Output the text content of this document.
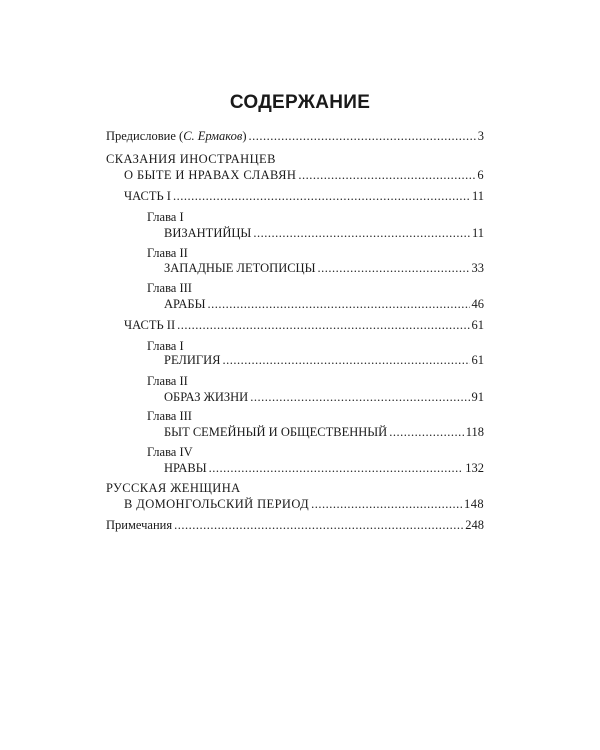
СОДЕРЖАНИЕ
Предисловие (С. Ермаков) .....	3
СКАЗАНИЯ ИНОСТРАНЦЕВ
О БЫТЕ И НРАВАХ СЛАВЯН .....	6
ЧАСТЬ I .....	11
Глава I
ВИЗАНТИЙЦЫ .....	11
Глава II
ЗАПАДНЫЕ ЛЕТОПИСЦЫ .....	33
Глава III
АРАБЫ .....	46
ЧАСТЬ II .....	61
Глава I
РЕЛИГИЯ .....	61
Глава II
ОБРАЗ ЖИЗНИ .....	91
Глава III
БЫТ СЕМЕЙНЫЙ И ОБЩЕСТВЕННЫЙ .....	118
Глава IV
НРАВЫ .....	132
РУССКАЯ ЖЕНЩИНА
В ДОМОНГОЛЬСКИЙ ПЕРИОД .....	148
Примечания .....	248
